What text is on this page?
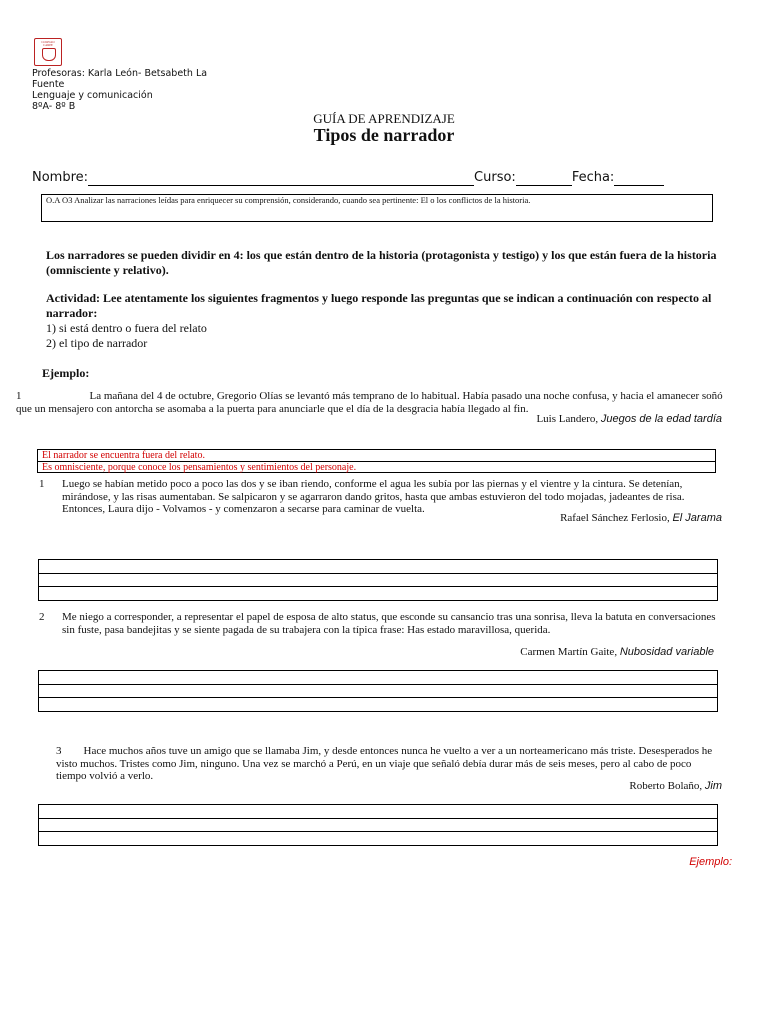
COLEGIO
CARPE
Profesoras: Karla León- Betsabeth La
Fuente
Lenguaje y comunicación
8ºA- 8º B
GUÍA DE APRENDIZAJE
Tipos de narrador
Nombre:	Curso:	Fecha:
O.A O3 Analizar las narraciones leídas para enriquecer su comprensión, considerando, cuando sea pertinente: El o los conflictos de la historia.
Los narradores se pueden dividir en 4: los que están dentro de la historia (protagonista y testigo) y los que están fuera de la historia (omnisciente y relativo).
Actividad: Lee atentamente los siguientes fragmentos y luego responde las preguntas que se indican a continuación con respecto al narrador:
1) si está dentro o fuera del relato
2) el tipo de narrador
Ejemplo:
1	La mañana del 4 de octubre, Gregorio Olías se levantó más temprano de lo habitual. Había pasado una noche confusa, y hacia el amanecer soñó que un mensajero con antorcha se asomaba a la puerta para anunciarle que el día de la desgracia había llegado al fin.
Luis Landero, Juegos de la edad tardía
El narrador se encuentra fuera del relato.
Es omnisciente, porque conoce los pensamientos y sentimientos del personaje.
1 Luego se habían metido poco a poco las dos y se iban riendo, conforme el agua les subía por las piernas y el vientre y la cintura. Se detenían, mirándose, y las risas aumentaban. Se salpicaron y se agarraron dando gritos, hasta que ambas estuvieron del todo mojadas, jadeantes de risa. Entonces, Laura dijo - Volvamos - y comenzaron a secarse para caminar de vuelta.
Rafael Sánchez Ferlosio, El Jarama
2 Me niego a corresponder, a representar el papel de esposa de alto status, que esconde su cansancio tras una sonrisa, lleva la batuta en conversaciones sin fuste, pasa bandejitas y se siente pagada de su trabajera con la típica frase: Has estado maravillosa, querida.
Carmen Martín Gaite, Nubosidad variable
3 Hace muchos años tuve un amigo que se llamaba Jim, y desde entonces nunca he vuelto a ver a un norteamericano más triste. Desesperados he visto muchos. Tristes como Jim, ninguno. Una vez se marchó a Perú, en un viaje que señaló debía durar más de seis meses, pero al cabo de poco tiempo volvió a verlo.
Roberto Bolaño, Jim
Ejemplo:
